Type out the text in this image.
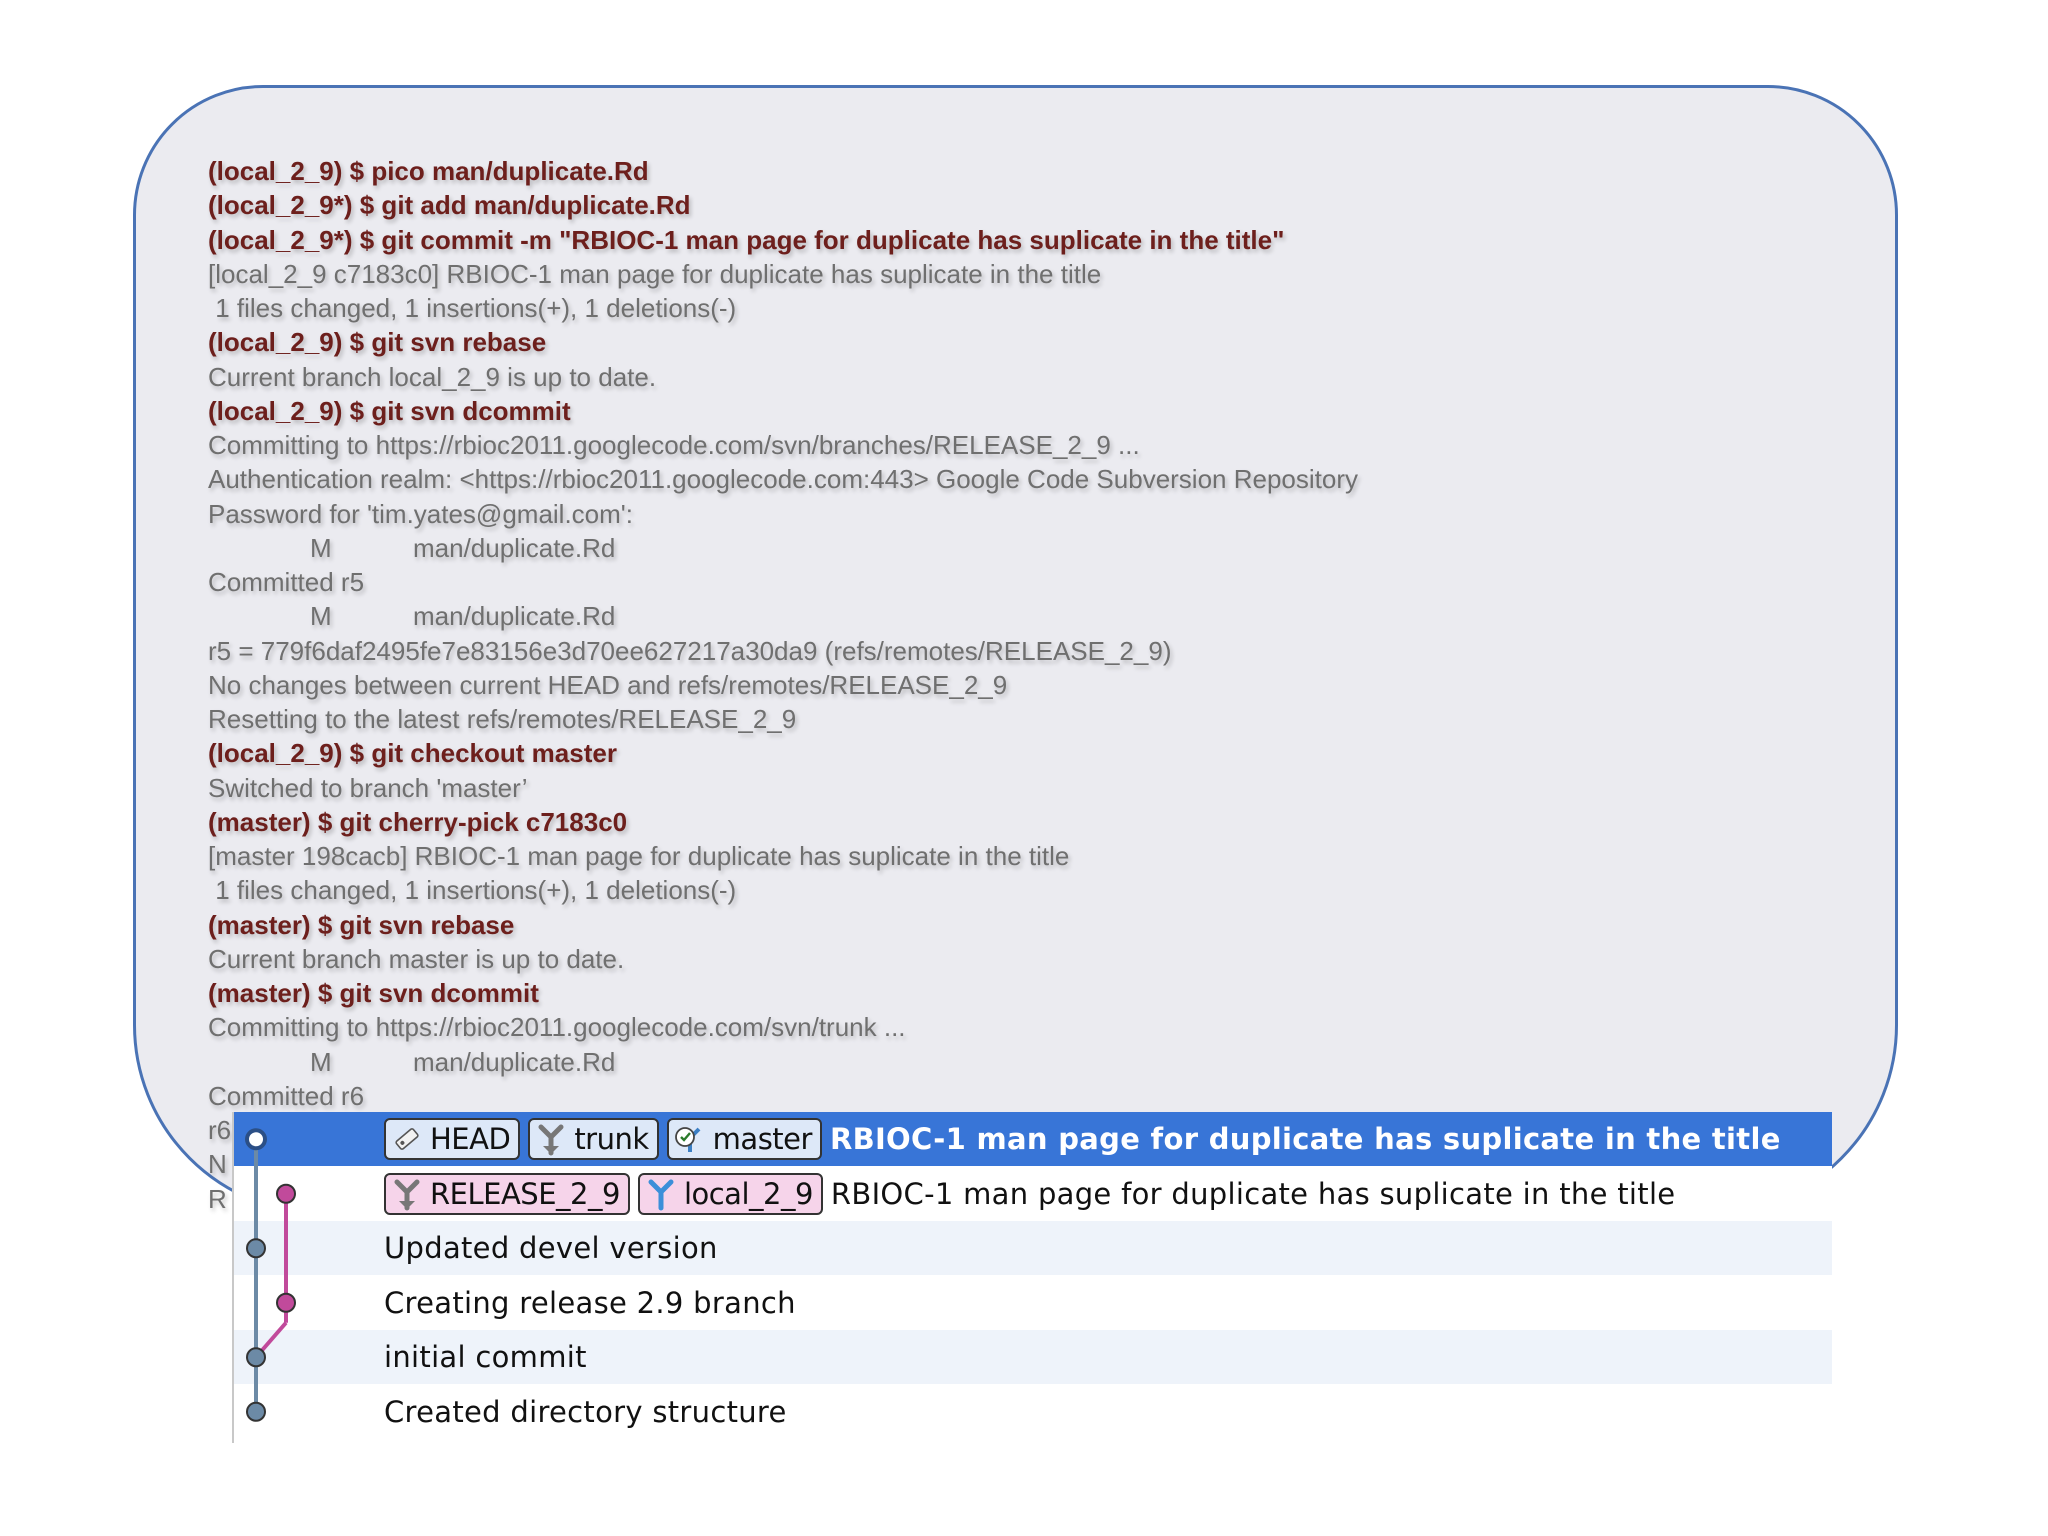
(local_2_9) $ pico man/duplicate.Rd
(local_2_9*) $ git add man/duplicate.Rd
(local_2_9*) $ git commit -m "RBIOC-1 man page for duplicate has suplicate in the title"
[local_2_9 c7183c0] RBIOC-1 man page for duplicate has suplicate in the title
1 files changed, 1 insertions(+), 1 deletions(-)
(local_2_9) $ git svn rebase
Current branch local_2_9 is up to date.
(local_2_9) $ git svn dcommit
Committing to https://rbioc2011.googlecode.com/svn/branches/RELEASE_2_9 ...
Authentication realm: <https://rbioc2011.googlecode.com:443> Google Code Subversion Repository
Password for 'tim.yates@gmail.com':
M	man/duplicate.Rd
Committed r5
M	man/duplicate.Rd
r5 = 779f6daf2495fe7e83156e3d70ee627217a30da9 (refs/remotes/RELEASE_2_9)
No changes between current HEAD and refs/remotes/RELEASE_2_9
Resetting to the latest refs/remotes/RELEASE_2_9
(local_2_9) $ git checkout master
Switched to branch 'master’
(master) $ git cherry-pick c7183c0
[master 198cacb] RBIOC-1 man page for duplicate has suplicate in the title
1 files changed, 1 insertions(+), 1 deletions(-)
(master) $ git svn rebase
Current branch master is up to date.
(master) $ git svn dcommit
Committing to https://rbioc2011.googlecode.com/svn/trunk ...
M	man/duplicate.Rd
Committed r6
r6
N
R
HEAD trunk master RBIOC-1 man page for duplicate has suplicate in the title
RELEASE_2_9 local_2_9 RBIOC-1 man page for duplicate has suplicate in the title
Updated devel version
Creating release 2.9 branch
initial commit
Created directory structure
